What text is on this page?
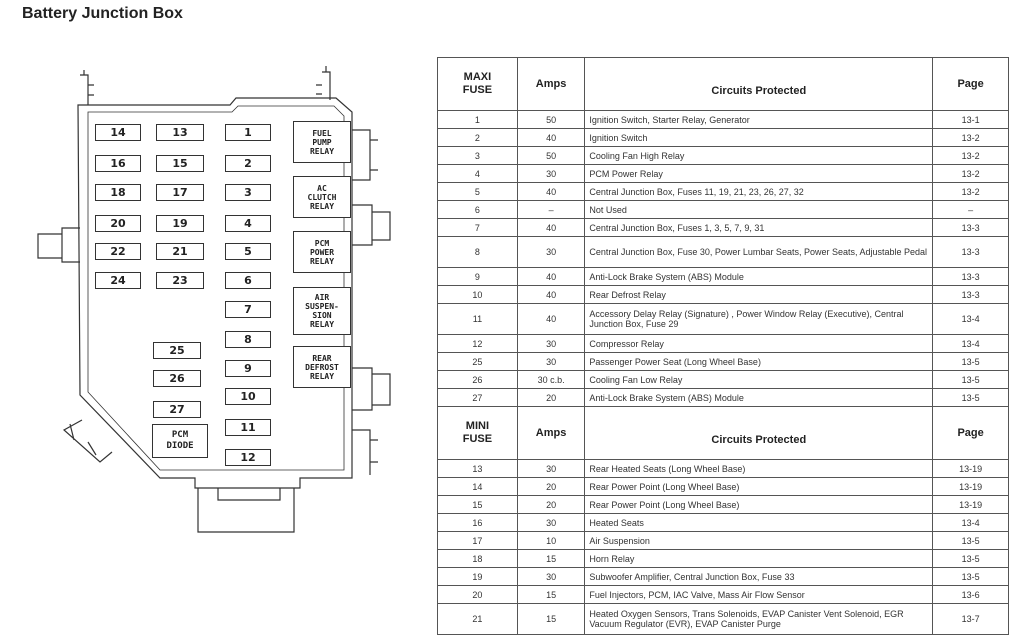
Battery Junction Box
14
16
18
20
22
24
13
15
17
19
21
23
1
2
3
4
5
6
7
8
9
10
11
12
25
26
27
FUEL
PUMP
RELAY
AC
CLUTCH
RELAY
PCM
POWER
RELAY
AIR
SUSPEN-
SION
RELAY
REAR
DEFROST
RELAY
PCM
DIODE
MAXI
FUSE	Amps	Circuits Protected	Page
1	50	Ignition Switch, Starter Relay, Generator	13-1
2	40	Ignition Switch	13-2
3	50	Cooling Fan High Relay	13-2
4	30	PCM Power Relay	13-2
5	40	Central Junction Box, Fuses 11, 19, 21, 23, 26, 27, 32	13-2
6	–	Not Used	–
7	40	Central Junction Box, Fuses 1, 3, 5, 7, 9, 31	13-3
8	30	Central Junction Box, Fuse 30, Power Lumbar Seats, Power Seats, Adjustable Pedal	13-3
9	40	Anti-Lock Brake System (ABS) Module	13-3
10	40	Rear Defrost Relay	13-3
11	40	Accessory Delay Relay (Signature) , Power Window Relay (Executive), Central Junction Box, Fuse 29	13-4
12	30	Compressor Relay	13-4
25	30	Passenger Power Seat (Long Wheel Base)	13-5
26	30 c.b.	Cooling Fan Low Relay	13-5
27	20	Anti-Lock Brake System (ABS) Module	13-5
MINI
FUSE	Amps	Circuits Protected	Page
13	30	Rear Heated Seats (Long Wheel Base)	13-19
14	20	Rear Power Point (Long Wheel Base)	13-19
15	20	Rear Power Point (Long Wheel Base)	13-19
16	30	Heated Seats	13-4
17	10	Air Suspension	13-5
18	15	Horn Relay	13-5
19	30	Subwoofer Amplifier, Central Junction Box, Fuse 33	13-5
20	15	Fuel Injectors, PCM, IAC Valve, Mass Air Flow Sensor	13-6
21	15	Heated Oxygen Sensors, Trans Solenoids, EVAP Canister Vent Solenoid, EGR Vacuum Regulator (EVR), EVAP Canister Purge	13-7
